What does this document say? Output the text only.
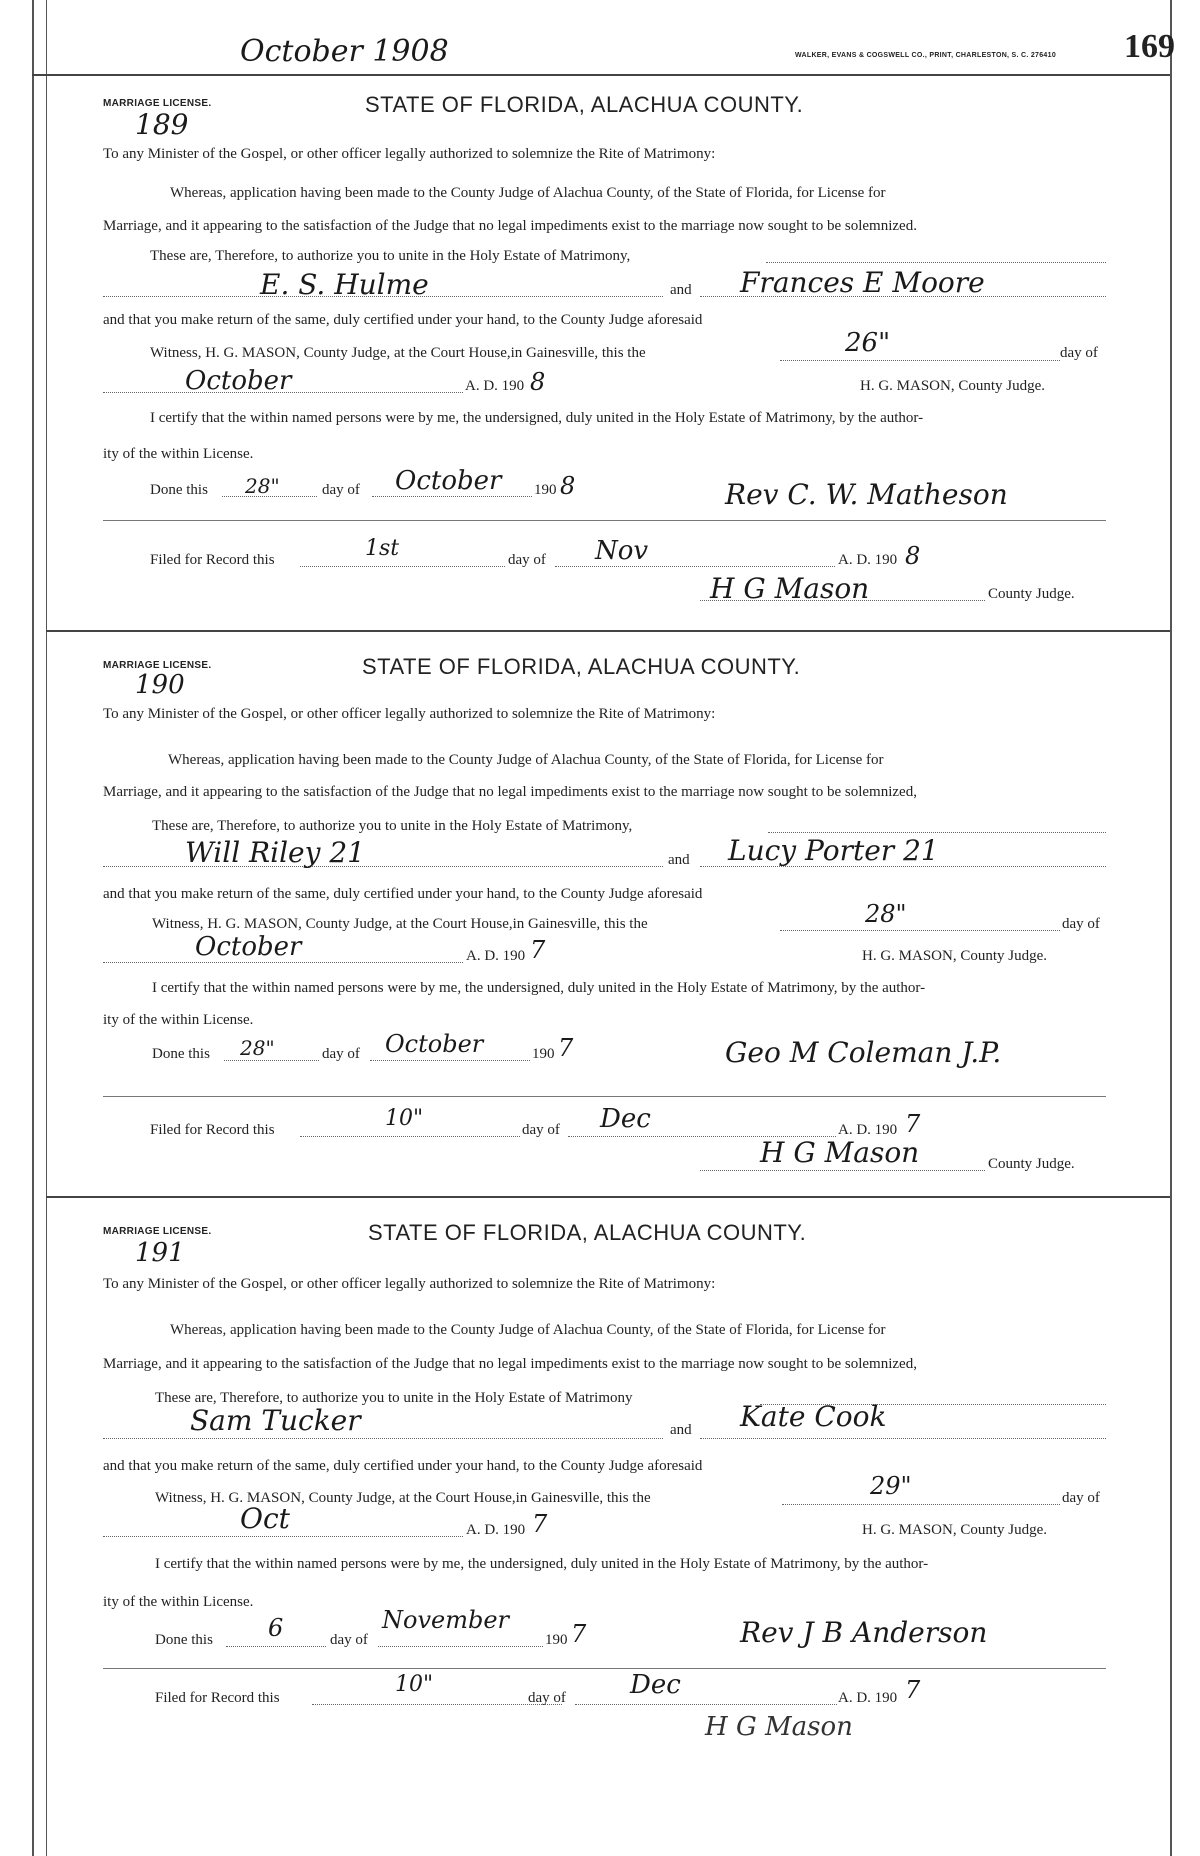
October 1908	WALKER, EVANS & COGSWELL CO., PRINT, CHARLESTON, S. C. 276410 169
MARRIAGE LICENSE.
189
STATE OF FLORIDA, ALACHUA COUNTY.
To any Minister of the Gospel, or other officer legally authorized to solemnize the Rite of Matrimony:
Whereas, application having been made to the County Judge of Alachua County, of the State of Florida, for License for
Marriage, and it appearing to the satisfaction of the Judge that no legal impediments exist to the marriage now sought to be solemnized.
These are, Therefore, to authorize you to unite in the Holy Estate of Matrimony,
E. S. Hulme	and Frances E Moore
and that you make return of the same, duly certified under your hand, to the County Judge aforesaid
Witness, H. G. MASON, County Judge, at the Court House,in Gainesville, this the	26"	day of
October	A. D. 190 8	H. G. MASON, County Judge.
I certify that the within named persons were by me, the undersigned, duly united in the Holy Estate of Matrimony, by the author-
ity of the within License.
Done this 28"	day of October 190 8	Rev C. W. Matheson
Filed for Record this	1st	day of Nov	A. D. 190 8
H G Mason	County Judge.
MARRIAGE LICENSE.
190
STATE OF FLORIDA, ALACHUA COUNTY.
To any Minister of the Gospel, or other officer legally authorized to solemnize the Rite of Matrimony:
Whereas, application having been made to the County Judge of Alachua County, of the State of Florida, for License for
Marriage, and it appearing to the satisfaction of the Judge that no legal impediments exist to the marriage now sought to be solemnized,
These are, Therefore, to authorize you to unite in the Holy Estate of Matrimony,
Will Riley 21	and Lucy Porter 21
and that you make return of the same, duly certified under your hand, to the County Judge aforesaid
Witness, H. G. MASON, County Judge, at the Court House,in Gainesville, this the	28"	day of
October	A. D. 190 7	H. G. MASON, County Judge.
I certify that the within named persons were by me, the undersigned, duly united in the Holy Estate of Matrimony, by the author-
ity of the within License.
Done this 28"	day of October	190 7	Geo M Coleman J.P.
Filed for Record this	10"	day of Dec	A. D. 190 7
H G Mason	County Judge.
MARRIAGE LICENSE.
191
STATE OF FLORIDA, ALACHUA COUNTY.
To any Minister of the Gospel, or other officer legally authorized to solemnize the Rite of Matrimony:
Whereas, application having been made to the County Judge of Alachua County, of the State of Florida, for License for
Marriage, and it appearing to the satisfaction of the Judge that no legal impediments exist to the marriage now sought to be solemnized,
These are, Therefore, to authorize you to unite in the Holy Estate of Matrimony
Sam Tucker	and Kate Cook
and that you make return of the same, duly certified under your hand, to the County Judge aforesaid
Witness, H. G. MASON, County Judge, at the Court House,in Gainesville, this the	29"	day of
Oct	A. D. 190 7	H. G. MASON, County Judge.
I certify that the within named persons were by me, the undersigned, duly united in the Holy Estate of Matrimony, by the author-
ity of the within License.
Done this 6	day of
November
190 7	Rev J B Anderson
Filed for Record this
10"
day of Dec	A. D. 190 7
H G Mason
